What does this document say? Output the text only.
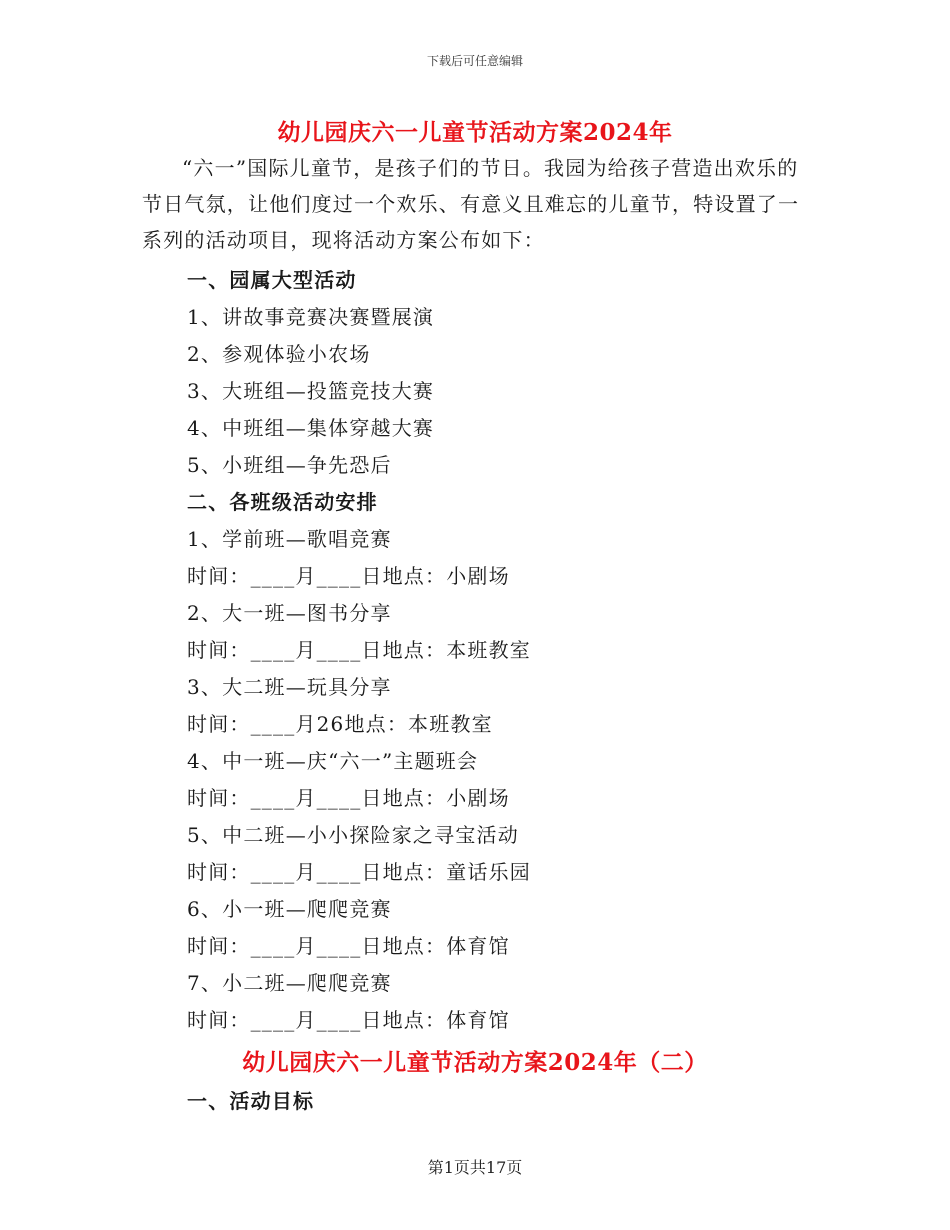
下载后可任意编辑
幼儿园庆六一儿童节活动方案2024年

“六一”国际儿童节，是孩子们的节日。我园为给孩子营造出欢乐的节日气氛，让他们度过一个欢乐、有意义且难忘的儿童节，特设置了一系列的活动项目，现将活动方案公布如下：

一、园属大型活动
1、讲故事竞赛决赛暨展演
2、参观体验小农场
3、大班组—投篮竞技大赛
4、中班组—集体穿越大赛
5、小班组—争先恐后
二、各班级活动安排
1、学前班—歌唱竞赛
时间：____月____日地点：小剧场
2、大一班—图书分享
时间：____月____日地点：本班教室
3、大二班—玩具分享
时间：____月26地点：本班教室
4、中一班—庆“六一”主题班会
时间：____月____日地点：小剧场
5、中二班—小小探险家之寻宝活动
时间：____月____日地点：童话乐园
6、小一班—爬爬竞赛
时间：____月____日地点：体育馆
7、小二班—爬爬竞赛
时间：____月____日地点：体育馆
幼儿园庆六一儿童节活动方案2024年（二）
一、活动目标
第1页共17页
